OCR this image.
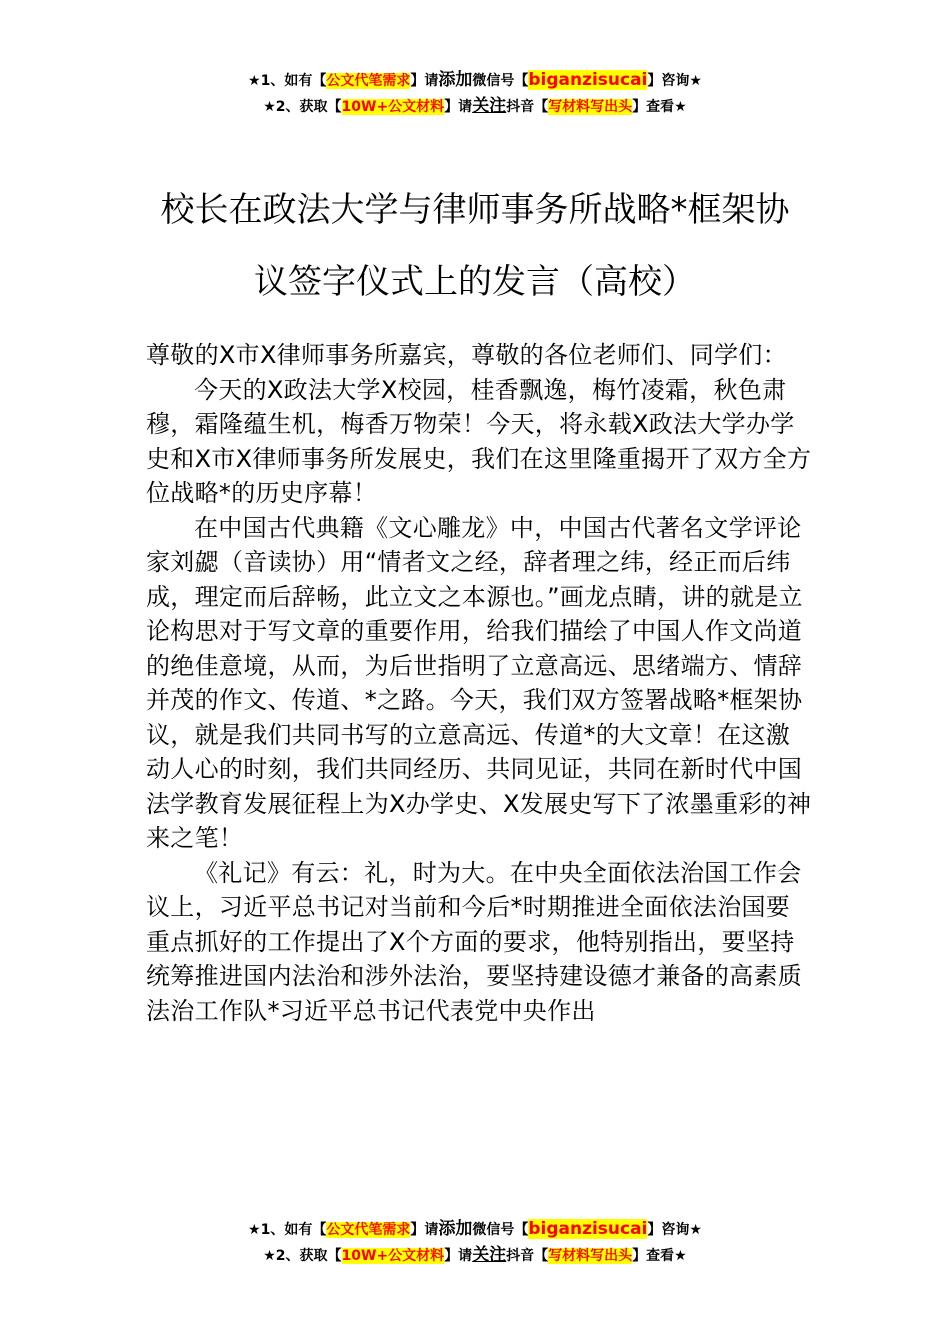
★1、如有【公文代笔需求】请添加微信号【biganzisucai】咨询★
★2、获取【10W+公文材料】请关注抖音【写材料写出头】查看★
校长在政法大学与律师事务所战略*框架协
议签字仪式上的发言（高校）

尊敬的X市X律师事务所嘉宾，尊敬的各位老师们、同学们：

今天的X政法大学X校园，桂香飘逸，梅竹凌霜，秋色肃穆，霜隆蕴生机，梅香万物荣！今天，将永载X政法大学办学史和X市X律师事务所发展史，我们在这里隆重揭开了双方全方位战略*的历史序幕！

在中国古代典籍《文心雕龙》中，中国古代著名文学评论家刘勰（音读协）用“情者文之经，辞者理之纬，经正而后纬成，理定而后辞畅，此立文之本源也。”画龙点睛，讲的就是立论构思对于写文章的重要作用，给我们描绘了中国人作文尚道的绝佳意境，从而，为后世指明了立意高远、思绪端方、情辞并茂的作文、传道、*之路。今天，我们双方签署战略*框架协议，就是我们共同书写的立意高远、传道*的大文章！在这激动人心的时刻，我们共同经历、共同见证，共同在新时代中国法学教育发展征程上为X办学史、X发展史写下了浓墨重彩的神来之笔！

《礼记》有云：礼，时为大。在中央全面依法治国工作会议上，习近平总书记对当前和今后*时期推进全面依法治国要重点抓好的工作提出了X个方面的要求，他特别指出，要坚持统筹推进国内法治和涉外法治，要坚持建设德才兼备的高素质法治工作队*习近平总书记代表党中央作出

★1、如有【公文代笔需求】请添加微信号【biganzisucai】咨询★
★2、获取【10W+公文材料】请关注抖音【写材料写出头】查看★
